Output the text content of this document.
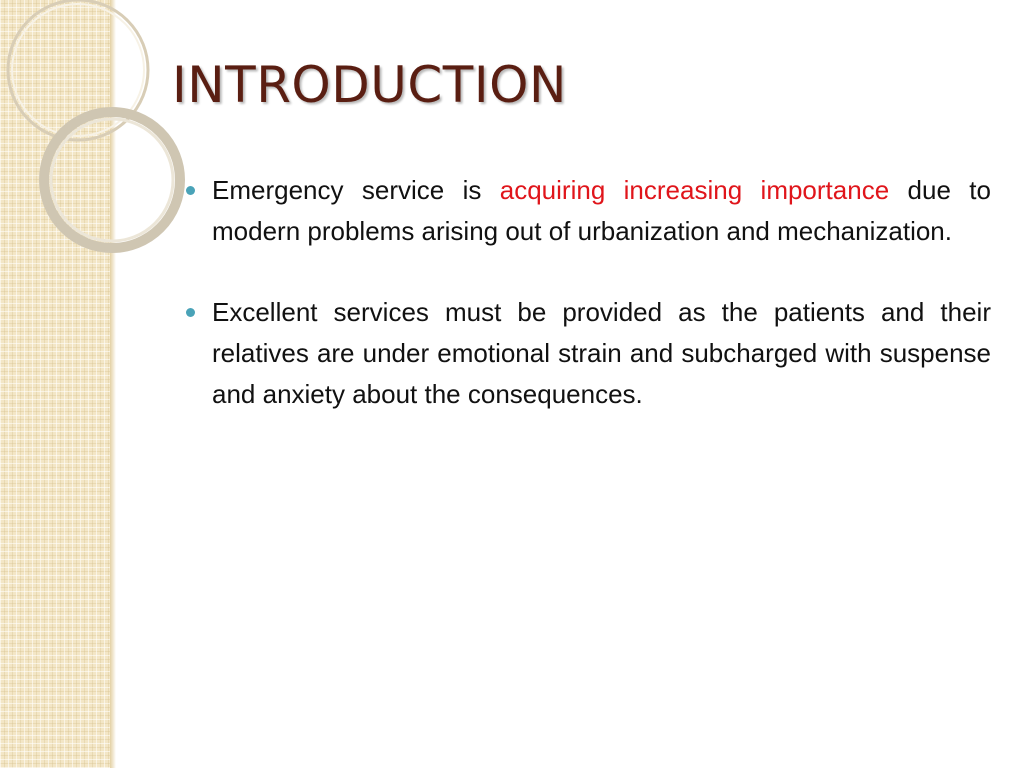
INTRODUCTION
Emergency service is acquiring increasing importance due to modern problems arising out of urbanization and mechanization.
Excellent services must be provided as the patients and their relatives are under emotional strain and subcharged with suspense and anxiety about the consequences.
